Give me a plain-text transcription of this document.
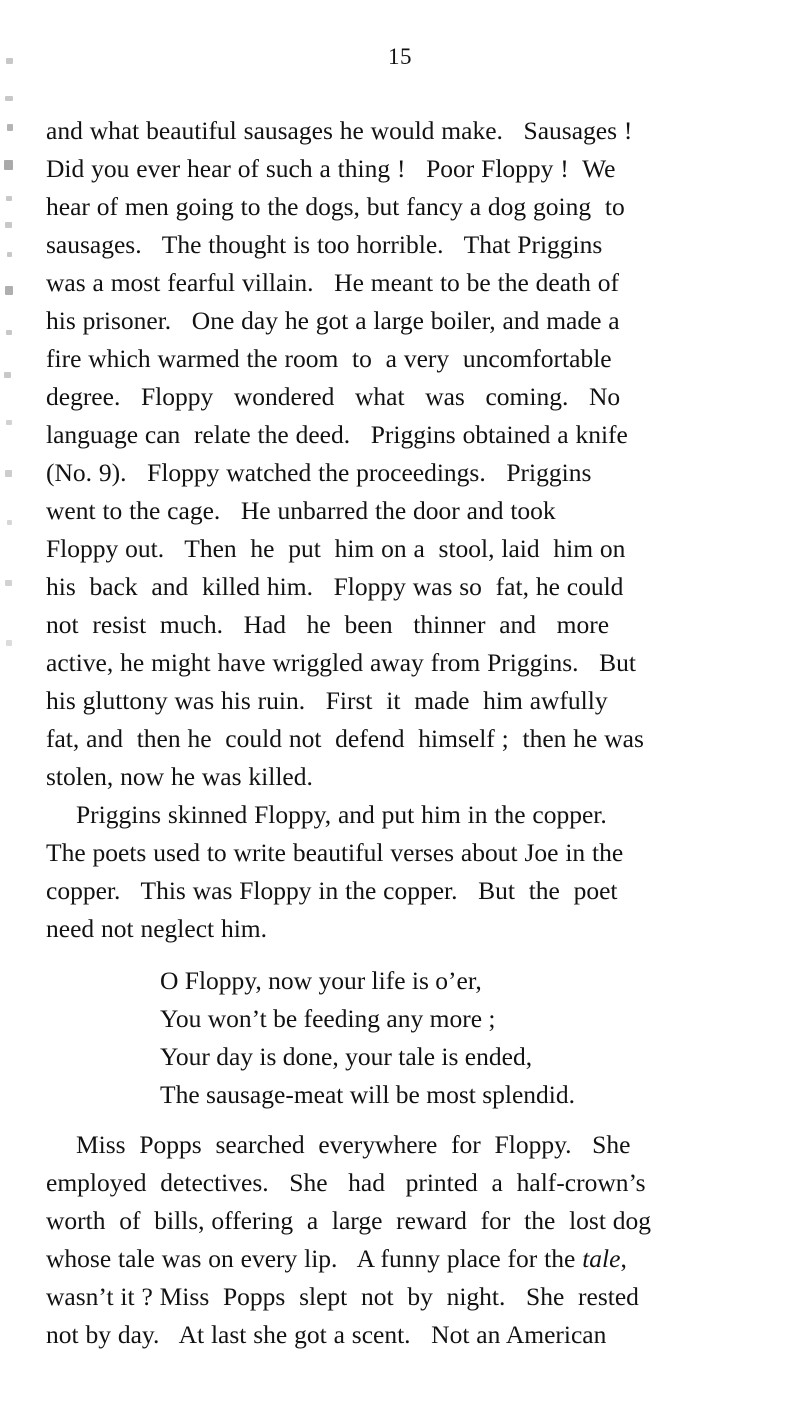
15
and what beautiful sausages he would make.   Sausages !
Did you ever hear of such a thing !   Poor Floppy !  We
hear of men going to the dogs, but fancy a dog going  to
sausages.   The thought is too horrible.   That Priggins
was a most fearful villain.   He meant to be the death of
his prisoner.   One day he got a large boiler, and made a
fire which warmed the room  to  a very  uncomfortable
degree.   Floppy   wondered   what   was   coming.   No
language can  relate the deed.   Priggins obtained a knife
(No. 9).   Floppy watched the proceedings.   Priggins
went to the cage.   He unbarred the door and took
Floppy out.   Then  he  put  him on a  stool, laid  him on
his  back  and  killed him.   Floppy was so  fat, he could
not  resist  much.   Had   he  been   thinner  and   more
active, he might have wriggled away from Priggins.   But
his gluttony was his ruin.   First  it  made  him awfully
fat, and  then he  could not  defend  himself ;  then he was
stolen, now he was killed.
Priggins skinned Floppy, and put him in the copper.
The poets used to write beautiful verses about Joe in the
copper.   This was Floppy in the copper.   But  the  poet
need not neglect him.
O Floppy, now your life is o’er,
You won’t be feeding any more ;
Your day is done, your tale is ended,
The sausage-meat will be most splendid.
Miss  Popps  searched  everywhere  for  Floppy.   She
employed  detectives.   She   had   printed  a  half-crown’s
worth  of  bills, offering  a  large  reward  for  the  lost dog
whose tale was on every lip.   A funny place for the tale,
wasn’t it ? Miss  Popps  slept  not  by  night.   She  rested
not by day.   At last she got a scent.   Not an American
